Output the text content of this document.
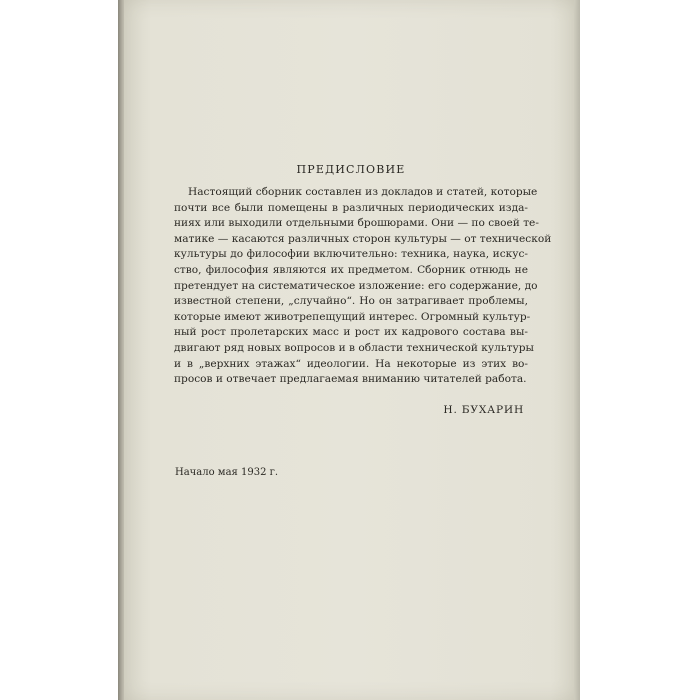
ПРЕДИСЛОВИЕ
Настоящий сборник составлен из докладов и статей, которые
почти все были помещены в различных периодических изда-
ниях или выходили отдельными брошюрами. Они — по своей те-
матике — касаются различных сторон культуры — от технической
культуры до философии включительно: техника, наука, искус-
ство, философия являются их предметом. Сборник отнюдь не
претендует на систематическое изложение: его содержание, до
известной степени, „случайно“. Но он затрагивает проблемы,
которые имеют животрепещущий интерес. Огромный культур-
ный рост пролетарских масс и рост их кадрового состава вы-
двигают ряд новых вопросов и в области технической культуры
и в „верхних этажах“ идеологии. На некоторые из этих во-
просов и отвечает предлагаемая вниманию читателей работа.
Н. БУХАРИН
Начало мая 1932 г.
